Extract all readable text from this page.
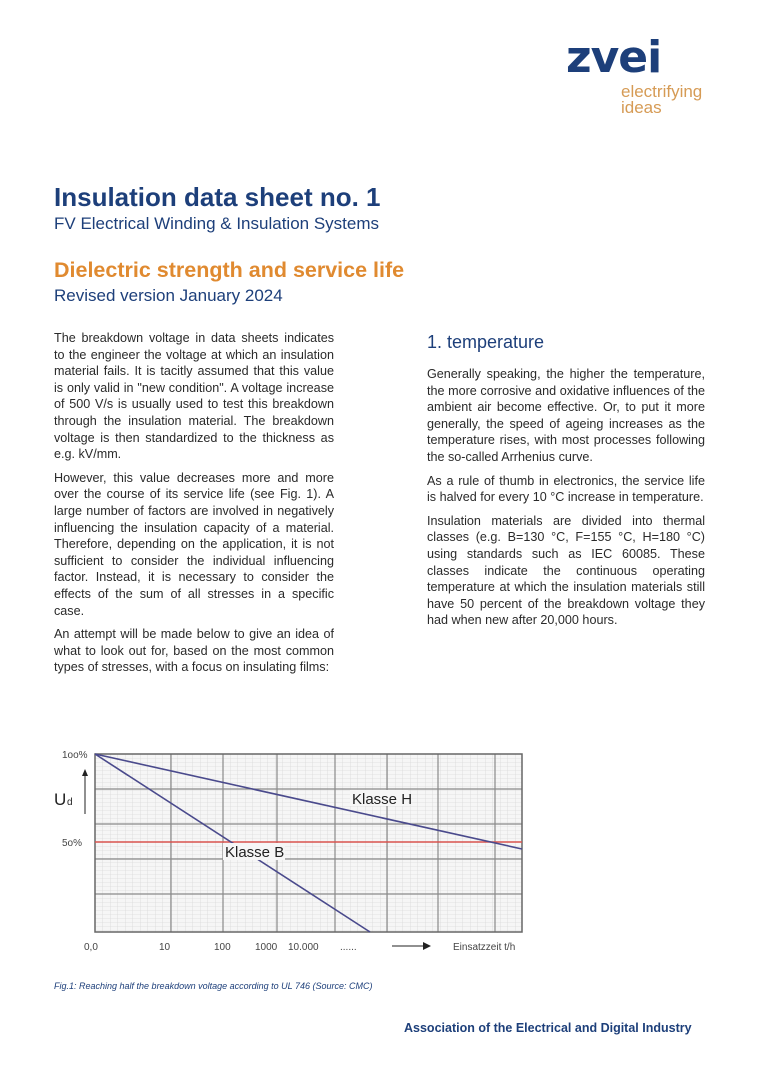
zvei
electrifying
ideas
Insulation data sheet no. 1
FV Electrical Winding & Insulation Systems
Dielectric strength and service life
Revised version January 2024

The breakdown voltage in data sheets indicates to the engineer the voltage at which an insulation material fails. It is tacitly assumed that this value is only valid in "new condition". A voltage increase of 500 V/s is usually used to test this breakdown through the insulation material. The breakdown voltage is then standardized to the thickness as e.g. kV/mm.

However, this value decreases more and more over the course of its service life (see Fig. 1). A large number of factors are involved in negatively influencing the insulation capacity of a material. Therefore, depending on the application, it is not sufficient to consider the individual influencing factor. Instead, it is necessary to consider the effects of the sum of all stresses in a specific case.

An attempt will be made below to give an idea of what to look out for, based on the most common types of stresses, with a focus on insulating films:

1. temperature

Generally speaking, the higher the temperature, the more corrosive and oxidative influences of the ambient air become effective. Or, to put it more generally, the speed of ageing increases as the temperature rises, with most processes following the so-called Arrhenius curve.

As a rule of thumb in electronics, the service life is halved for every 10 °C increase in temperature.

Insulation materials are divided into thermal classes (e.g. B=130 °C, F=155 °C, H=180 °C) using standards such as IEC 60085. These classes indicate the continuous operating temperature at which the insulation materials still have 50 percent of the breakdown voltage they had when new after 20,000 hours.

Klasse H
Klasse B
1oo%
5o%
U d
0,0	10	100 1000 10.000 ......	Einsatzzeit t/h
Fig.1: Reaching half the breakdown voltage according to UL 746 (Source: CMC)
Association of the Electrical and Digital Industry
